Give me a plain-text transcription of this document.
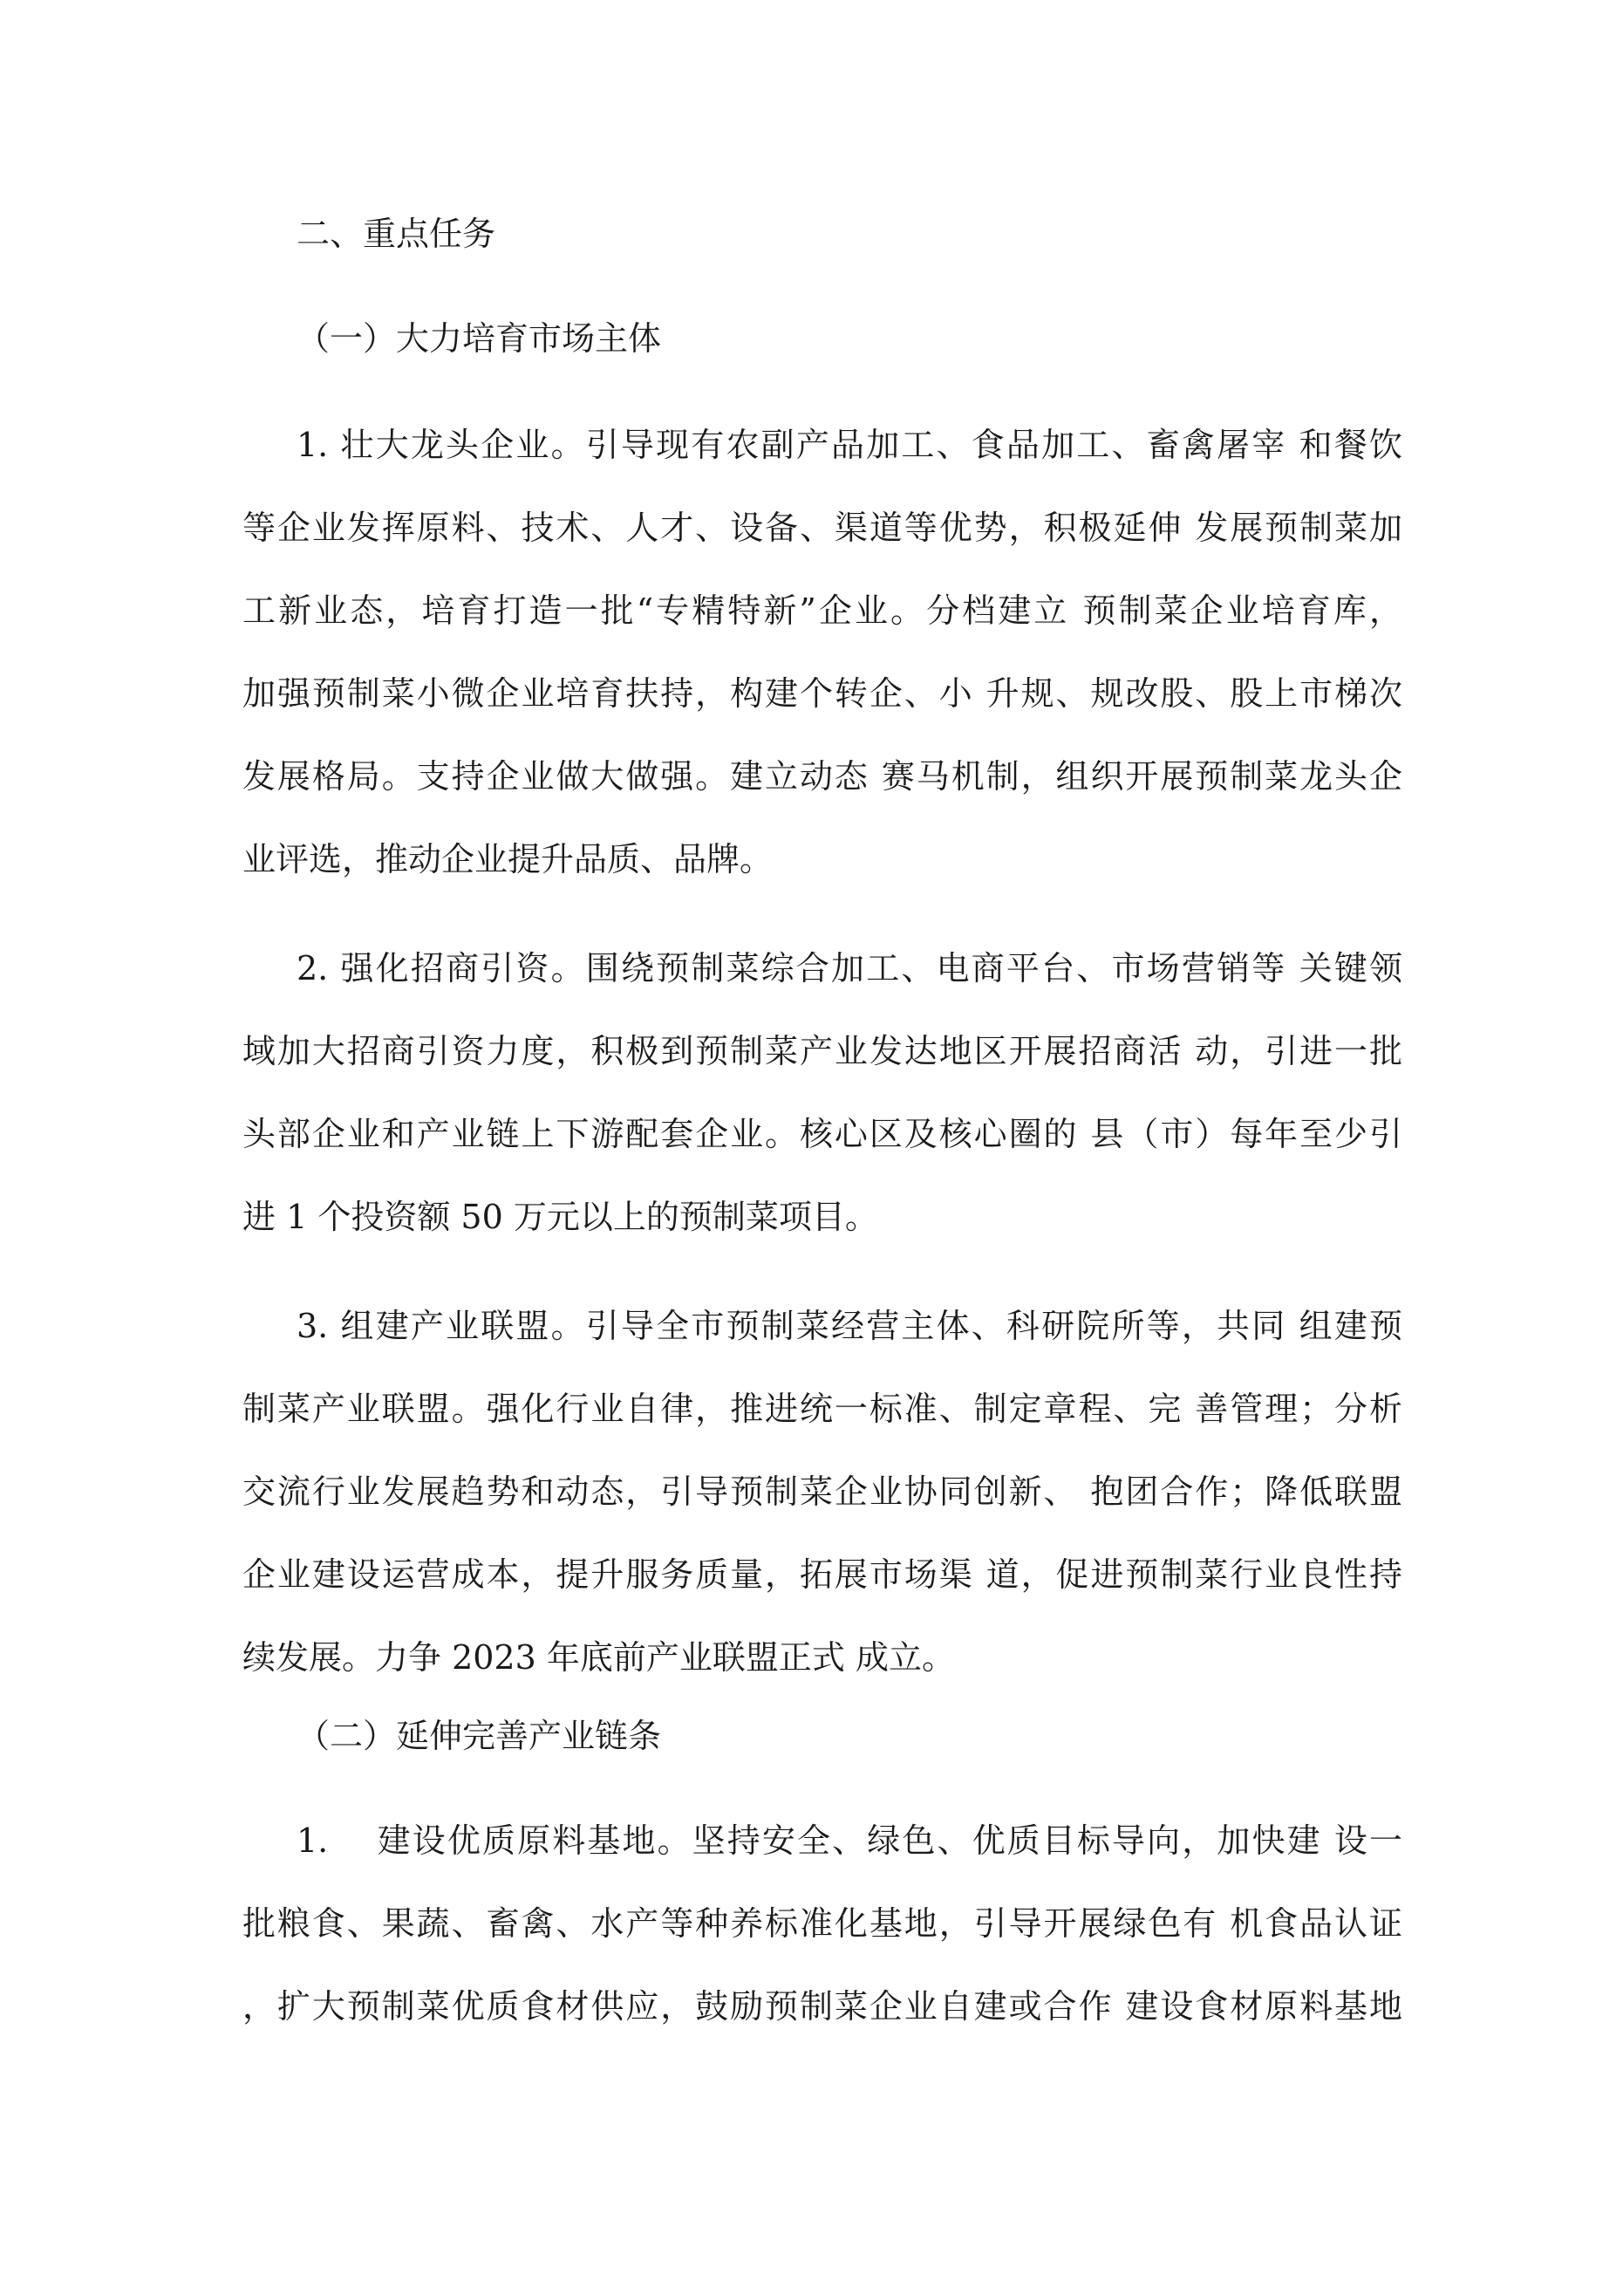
二、重点任务
（一）大力培育市场主体
1. 壮大龙头企业。引导现有农副产品加工、食品加工、畜禽屠宰 和餐饮
等企业发挥原料、技术、人才、设备、渠道等优势，积极延伸 发展预制菜加
工新业态，培育打造一批“专精特新”企业。分档建立 预制菜企业培育库，
加强预制菜小微企业培育扶持，构建个转企、小 升规、规改股、股上市梯次
发展格局。支持企业做大做强。建立动态 赛马机制，组织开展预制菜龙头企
业评选，推动企业提升品质、品牌。
2. 强化招商引资。围绕预制菜综合加工、电商平台、市场营销等 关键领
域加大招商引资力度，积极到预制菜产业发达地区开展招商活 动，引进一批
头部企业和产业链上下游配套企业。核心区及核心圈的 县（市）每年至少引
进 1 个投资额 50 万元以上的预制菜项目。
3. 组建产业联盟。引导全市预制菜经营主体、科研院所等，共同 组建预
制菜产业联盟。强化行业自律，推进统一标准、制定章程、完 善管理；分析
交流行业发展趋势和动态，引导预制菜企业协同创新、 抱团合作；降低联盟
企业建设运营成本，提升服务质量，拓展市场渠 道，促进预制菜行业良性持
续发展。力争 2023 年底前产业联盟正式 成立。
（二）延伸完善产业链条
1.　 建设优质原料基地。坚持安全、绿色、优质目标导向，加快建 设一
批粮食、果蔬、畜禽、水产等种养标准化基地，引导开展绿色有 机食品认证
，扩大预制菜优质食材供应，鼓励预制菜企业自建或合作 建设食材原料基地
